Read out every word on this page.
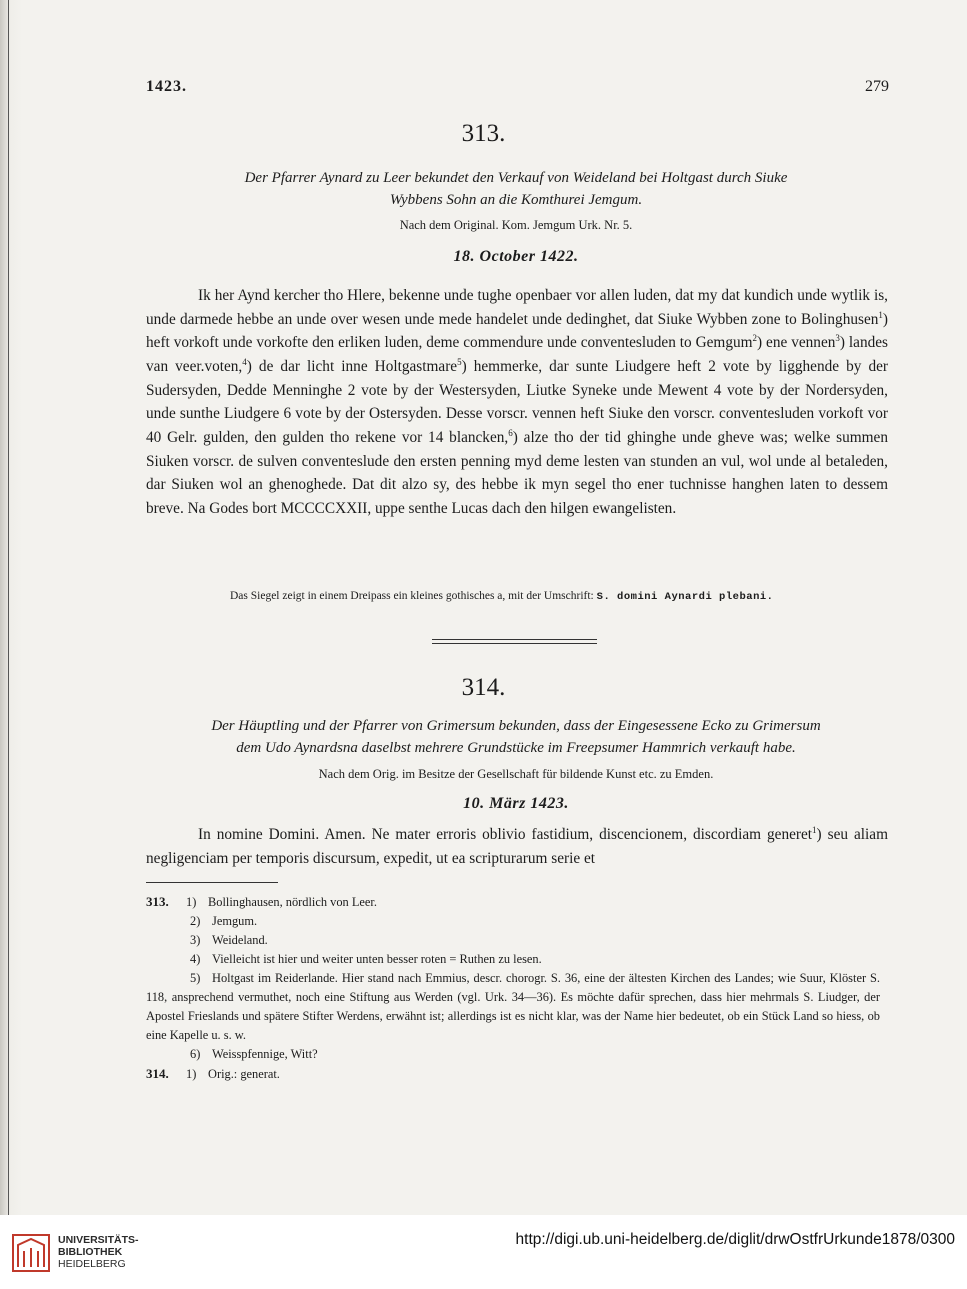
1423.	279
313.
Der Pfarrer Aynard zu Leer bekundet den Verkauf von Weideland bei Holtgast durch Siuke
Wybbens Sohn an die Komthurei Jemgum.
Nach dem Original. Kom. Jemgum Urk. Nr. 5.
18. October 1422.

Ik her Aynd kercher tho Hlere, bekenne unde tughe openbaer vor allen luden, dat my dat kundich unde wytlik is, unde darmede hebbe an unde over wesen unde mede handelet unde dedinghet, dat Siuke Wybben zone to Bolinghusen$^1$) heft vorkoft unde vorkofte den erliken luden, deme commendure unde conventesluden to Gemgum$^2$) ene vennen$^3$) landes van veer.voten,$^4$) de dar licht inne Holtgastmare$^5$) hemmerke, dar sunte Liudgere heft 2 vote by ligghende by der Sudersyden, Dedde Menninghe 2 vote by der Westersyden, Liutke Syneke unde Mewent 4 vote by der Nordersyden, unde sunthe Liudgere 6 vote by der Ostersyden. Desse vorscr. vennen heft Siuke den vorscr. conventesluden vorkoft vor 40 Gelr. gulden, den gulden tho rekene vor 14 blancken,$^6$) alze tho der tid ghinghe unde gheve was; welke summen Siuken vorscr. de sulven conventeslude den ersten penning myd deme lesten van stunden an vul, wol unde al betaleden, dar Siuken wol an ghenoghede. Dat dit alzo sy, des hebbe ik myn segel tho ener tuchnisse hanghen laten to dessem breve. Na Godes bort MCCCCXXII, uppe senthe Lucas dach den hilgen ewangelisten.

Das Siegel zeigt in einem Dreipass ein kleines gothisches a, mit der Umschrift: S. domini Aynardi plebani.
314.
Der Häuptling und der Pfarrer von Grimersum bekunden, dass der Eingesessene Ecko zu Grimersum
dem Udo Aynardsna daselbst mehrere Grundstücke im Freepsumer Hammrich verkauft habe.
Nach dem Orig. im Besitze der Gesellschaft für bildende Kunst etc. zu Emden.
10. März 1423.

In nomine Domini. Amen. Ne mater erroris oblivio fastidium, discencionem, discordiam generet$^1$) seu aliam negligenciam per temporis discursum, expedit, ut ea scripturarum serie et

313. 1) Bollinghausen, nördlich von Leer.
2) Jemgum.
3) Weideland.
4) Vielleicht ist hier und weiter unten besser roten = Ruthen zu lesen.
5) Holtgast im Reiderlande. Hier stand nach Emmius, descr. chorogr. S. 36, eine der ältesten Kirchen des Landes; wie Suur, Klöster S. 118, ansprechend vermuthet, noch eine Stiftung aus Werden (vgl. Urk. 34—36). Es möchte dafür sprechen, dass hier mehrmals S. Liudger, der Apostel Frieslands und spätere Stifter Werdens, erwähnt ist; allerdings ist es nicht klar, was der Name hier bedeutet, ob ein Stück Land so hiess, ob eine Kapelle u. s. w.
6) Weisspfennige, Witt?
314. 1) Orig.: generat.
UNIVERSITÄTS-
BIBLIOTHEK
HEIDELBERG
http://digi.ub.uni-heidelberg.de/diglit/drwOstfrUrkunde1878/0300
